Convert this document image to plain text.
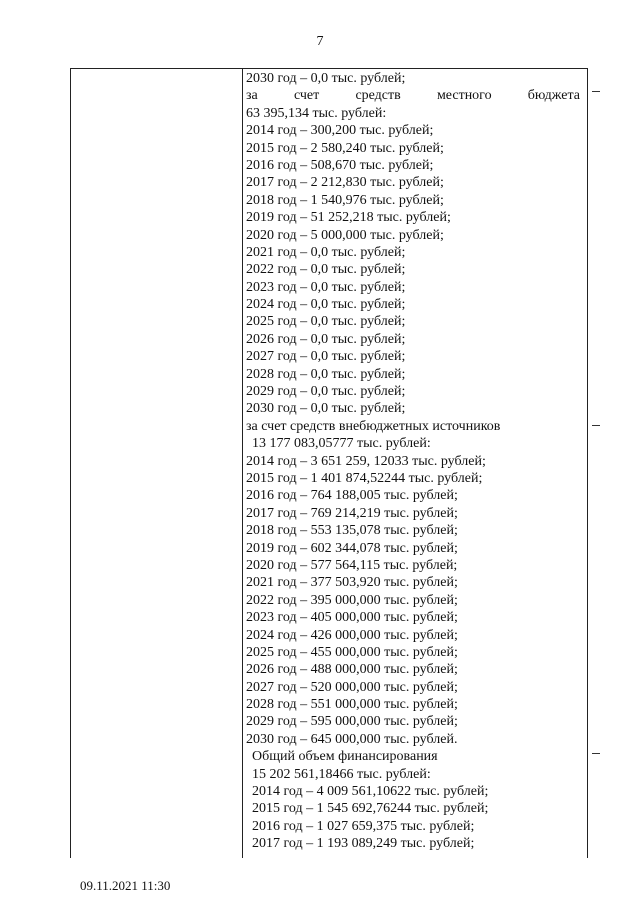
7
2030 год – 0,0 тыс. рублей;
за	счет	средств	местного	бюджета
63 395,134 тыс. рублей:
2014 год – 300,200 тыс. рублей;
2015 год – 2 580,240 тыс. рублей;
2016 год – 508,670 тыс. рублей;
2017 год – 2 212,830 тыс. рублей;
2018 год – 1 540,976 тыс. рублей;
2019 год – 51 252,218 тыс. рублей;
2020 год – 5 000,000 тыс. рублей;
2021 год – 0,0 тыс. рублей;
2022 год – 0,0 тыс. рублей;
2023 год – 0,0 тыс. рублей;
2024 год – 0,0 тыс. рублей;
2025 год – 0,0 тыс. рублей;
2026 год – 0,0 тыс. рублей;
2027 год – 0,0 тыс. рублей;
2028 год – 0,0 тыс. рублей;
2029 год – 0,0 тыс. рублей;
2030 год – 0,0 тыс. рублей;
за счет средств внебюджетных источников
13 177 083,05777 тыс. рублей:
2014 год – 3 651 259, 12033 тыс. рублей;
2015 год – 1 401 874,52244 тыс. рублей;
2016 год – 764 188,005 тыс. рублей;
2017 год – 769 214,219 тыс. рублей;
2018 год – 553 135,078 тыс. рублей;
2019 год – 602 344,078 тыс. рублей;
2020 год – 577 564,115 тыс. рублей;
2021 год – 377 503,920 тыс. рублей;
2022 год – 395 000,000 тыс. рублей;
2023 год – 405 000,000 тыс. рублей;
2024 год – 426 000,000 тыс. рублей;
2025 год – 455 000,000 тыс. рублей;
2026 год – 488 000,000 тыс. рублей;
2027 год – 520 000,000 тыс. рублей;
2028 год – 551 000,000 тыс. рублей;
2029 год – 595 000,000 тыс. рублей;
2030 год – 645 000,000 тыс. рублей.
Общий объем финансирования
15 202 561,18466 тыс. рублей:
2014 год – 4 009 561,10622 тыс. рублей;
2015 год – 1 545 692,76244 тыс. рублей;
2016 год – 1 027 659,375 тыс. рублей;
2017 год – 1 193 089,249 тыс. рублей;
09.11.2021 11:30
